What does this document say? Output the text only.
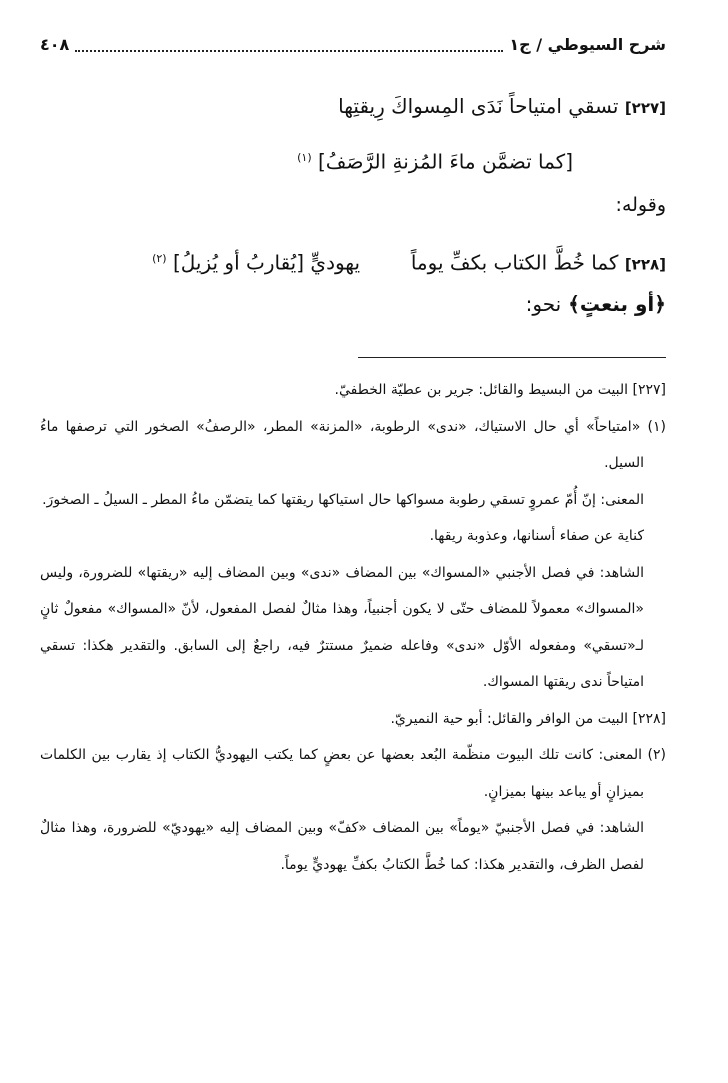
شرح السيوطي / ج١
٤٠٨
[٢٢٧] تسقي امتياحاً نَدَى المِسواكَ رِيقتِها
[كما تضمَّن ماءَ المُزنةِ الرَّصَفُ] $^{(١)}$
وقوله:
[٢٢٨] كما خُطَّ الكتاب بكفِّ يوماً  يهوديٍّ [يُقاربُ أو يُزيلُ] $^{(٢)}$
﴿أو بنعتٍ﴾ نحو:

[٢٢٧] البيت من البسيط والقائل: جرير بن عطيّة الخطفيّ.

(١) «امتياحاً» أي حال الاستياك، «ندى» الرطوبة، «المزنة» المطر، «الرصفُ» الصخور التي ترصفها ماءُ السيل.

المعنى: إنّ أُمّ عمروٍ تسقي رطوبة مسواكها حال استياكها ريقتها كما يتضمّن ماءُ المطر ـ السيلُ ـ الصخورَ.

كناية عن صفاء أسنانها، وعذوبة ريقها.

الشاهد: في فصل الأجنبي «المسواك» بين المضاف «ندى» وبين المضاف إليه «ريقتها» للضرورة، وليس «المسواك» معمولاً للمضاف حتّى لا يكون أجنبياً، وهذا مثالٌ لفصل المفعول، لأنّ «المسواك» مفعولٌ ثانٍ لـ«تسقي» ومفعوله الأوّل «ندى» وفاعله ضميرٌ مستترٌ فيه، راجعٌ إلى السابق. والتقدير هكذا: تسقي امتياحاً ندى ريقتها المسواك.

[٢٢٨] البيت من الوافر والقائل: أبو حية النميريّ.

(٢) المعنى: كانت تلك البيوت منظّمة البُعد بعضها عن بعضٍ كما يكتب اليهوديُّ الكتاب إذ يقارب بين الكلمات بميزانٍ أو يباعد بينها بميزانٍ.

الشاهد: في فصل الأجنبيّ «يوماً» بين المضاف «كفّ» وبين المضاف إليه «يهوديّ» للضرورة، وهذا مثالٌ لفصل الظرف، والتقدير هكذا: كما خُطَّ الكتابُ بكفِّ يهوديٍّ يوماً.
